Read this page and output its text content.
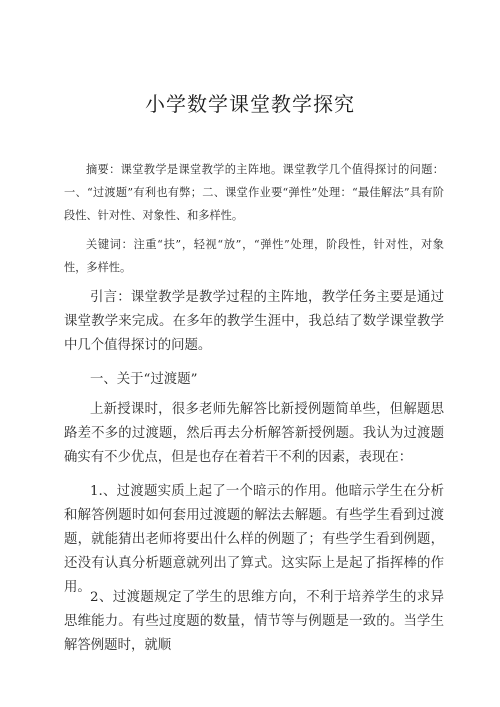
小学数学课堂教学探究
摘要：课堂教学是课堂教学的主阵地。课堂教学几个值得探讨的问题：一、“过渡题”有利也有弊；二、课堂作业要“弹性”处理：“最佳解法”具有阶段性、针对性、对象性、和多样性。
关键词：注重“扶”，轻视“放”，“弹性”处理，阶段性，针对性，对象性，多样性。
引言：课堂教学是教学过程的主阵地，教学任务主要是通过课堂教学来完成。在多年的教学生涯中，我总结了数学课堂教学中几个值得探讨的问题。
一、关于“过渡题”
上新授课时，很多老师先解答比新授例题简单些，但解题思路差不多的过渡题，然后再去分析解答新授例题。我认为过渡题确实有不少优点，但是也存在着若干不利的因素，表现在：
1.、过渡题实质上起了一个暗示的作用。他暗示学生在分析和解答例题时如何套用过渡题的解法去解题。有些学生看到过渡题，就能猜出老师将要出什么样的例题了；有些学生看到例题，还没有认真分析题意就列出了算式。这实际上是起了指挥棒的作用。
2、过渡题规定了学生的思维方向，不利于培养学生的求异思维能力。有些过度题的数量，情节等与例题是一致的。当学生解答例题时，就顺
